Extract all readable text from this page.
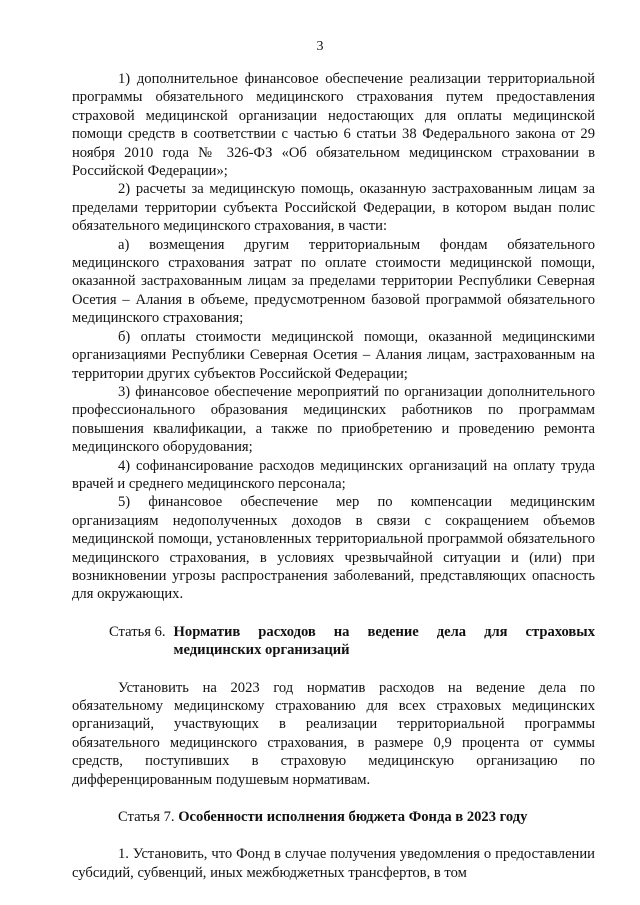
3

1) дополнительное финансовое обеспечение реализации территориальной программы обязательного медицинского страхования путем предоставления страховой медицинской организации недостающих для оплаты медицинской помощи средств в соответствии с частью 6 статьи 38 Федерального закона от 29 ноября 2010 года № 326-ФЗ «Об обязательном медицинском страховании в Российской Федерации»;

2) расчеты за медицинскую помощь, оказанную застрахованным лицам за пределами территории субъекта Российской Федерации, в котором выдан полис обязательного медицинского страхования, в части:

а) возмещения другим территориальным фондам обязательного медицинского страхования затрат по оплате стоимости медицинской помощи, оказанной застрахованным лицам за пределами территории Республики Северная Осетия – Алания в объеме, предусмотренном базовой программой обязательного медицинского страхования;

б) оплаты стоимости медицинской помощи, оказанной медицинскими организациями Республики Северная Осетия – Алания лицам, застрахованным на территории других субъектов Российской Федерации;

3) финансовое обеспечение мероприятий по организации дополнительного профессионального образования медицинских работников по программам повышения квалификации, а также по приобретению и проведению ремонта медицинского оборудования;

4) софинансирование расходов медицинских организаций на оплату труда врачей и среднего медицинского персонала;

5) финансовое обеспечение мер по компенсации медицинским организациям недополученных доходов в связи с сокращением объемов медицинской помощи, установленных территориальной программой обязательного медицинского страхования, в условиях чрезвычайной ситуации и (или) при возникновении угрозы распространения заболеваний, представляющих опасность для окружающих.

Статья 6. Норматив расходов на ведение дела для страховых медицинских организаций

Установить на 2023 год норматив расходов на ведение дела по обязательному медицинскому страхованию для всех страховых медицинских организаций, участвующих в реализации территориальной программы обязательного медицинского страхования, в размере 0,9 процента от суммы средств, поступивших в страховую медицинскую организацию по дифференцированным подушевым нормативам.

Статья 7. Особенности исполнения бюджета Фонда в 2023 году

1. Установить, что Фонд в случае получения уведомления о предоставлении субсидий, субвенций, иных межбюджетных трансфертов, в том
